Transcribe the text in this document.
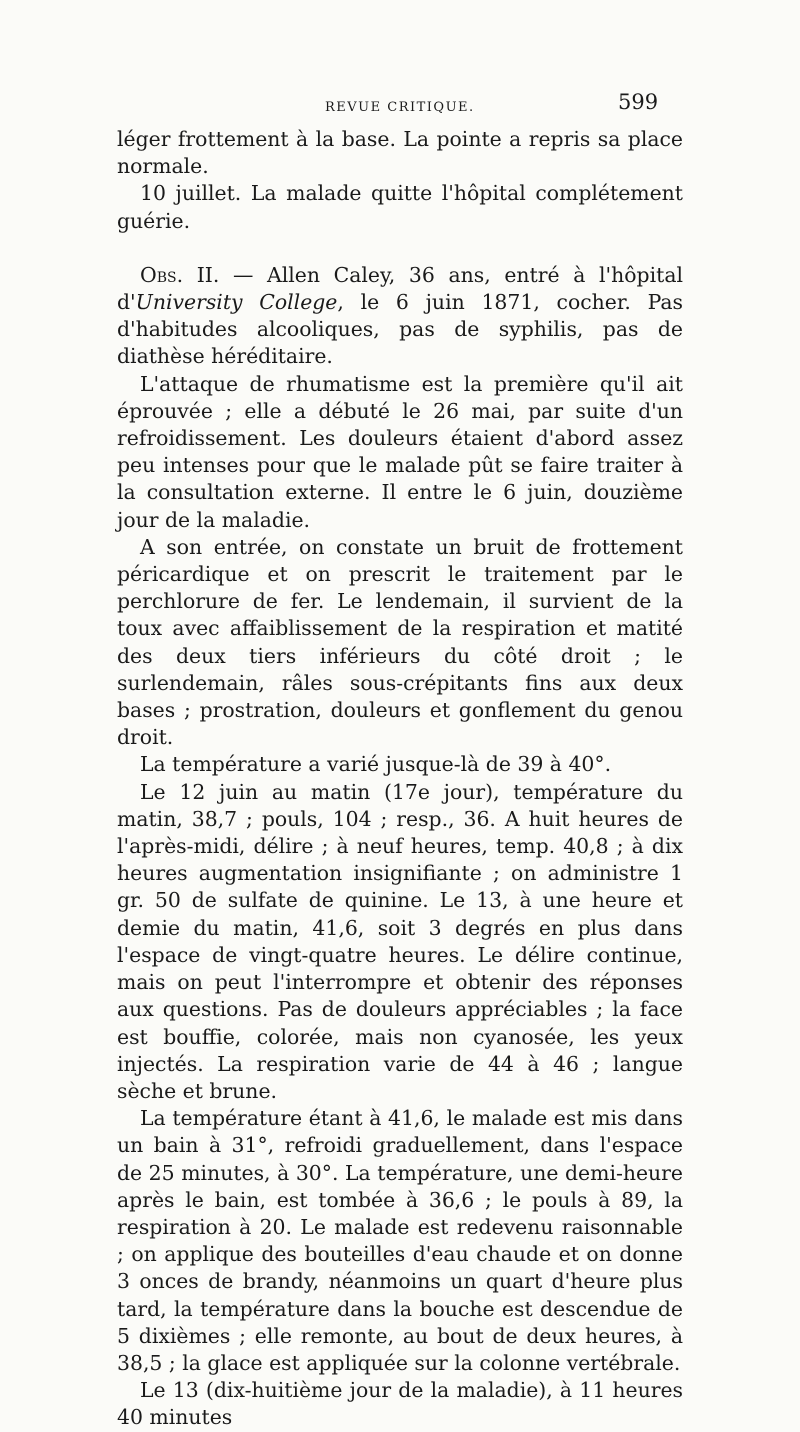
REVUE CRITIQUE.	599

léger frottement à la base. La pointe a repris sa place normale.

10 juillet. La malade quitte l'hôpital complétement guérie.

Obs. II. — Allen Caley, 36 ans, entré à l'hôpital d'University College, le 6 juin 1871, cocher. Pas d'habitudes alcooliques, pas de syphilis, pas de diathèse héréditaire.

L'attaque de rhumatisme est la première qu'il ait éprouvée ; elle a débuté le 26 mai, par suite d'un refroidissement. Les douleurs étaient d'abord assez peu intenses pour que le malade pût se faire traiter à la consultation externe. Il entre le 6 juin, douzième jour de la maladie.

A son entrée, on constate un bruit de frottement péricardique et on prescrit le traitement par le perchlorure de fer. Le lendemain, il survient de la toux avec affaiblissement de la respiration et matité des deux tiers inférieurs du côté droit ; le surlendemain, râles sous-crépitants fins aux deux bases ; prostration, douleurs et gonflement du genou droit.

La température a varié jusque-là de 39 à 40°.

Le 12 juin au matin (17e jour), température du matin, 38,7 ; pouls, 104 ; resp., 36. A huit heures de l'après-midi, délire ; à neuf heures, temp. 40,8 ; à dix heures augmentation insignifiante ; on administre 1 gr. 50 de sulfate de quinine. Le 13, à une heure et demie du matin, 41,6, soit 3 degrés en plus dans l'espace de vingt-quatre heures. Le délire continue, mais on peut l'interrompre et obtenir des réponses aux questions. Pas de douleurs appréciables ; la face est bouffie, colorée, mais non cyanosée, les yeux injectés. La respiration varie de 44 à 46 ; langue sèche et brune.

La température étant à 41,6, le malade est mis dans un bain à 31°, refroidi graduellement, dans l'espace de 25 minutes, à 30°. La température, une demi-heure après le bain, est tombée à 36,6 ; le pouls à 89, la respiration à 20. Le malade est redevenu raisonnable ; on applique des bouteilles d'eau chaude et on donne 3 onces de brandy, néanmoins un quart d'heure plus tard, la température dans la bouche est descendue de 5 dixièmes ; elle remonte, au bout de deux heures, à 38,5 ; la glace est appliquée sur la colonne vertébrale.

Le 13 (dix-huitième jour de la maladie), à 11 heures 40 minutes
